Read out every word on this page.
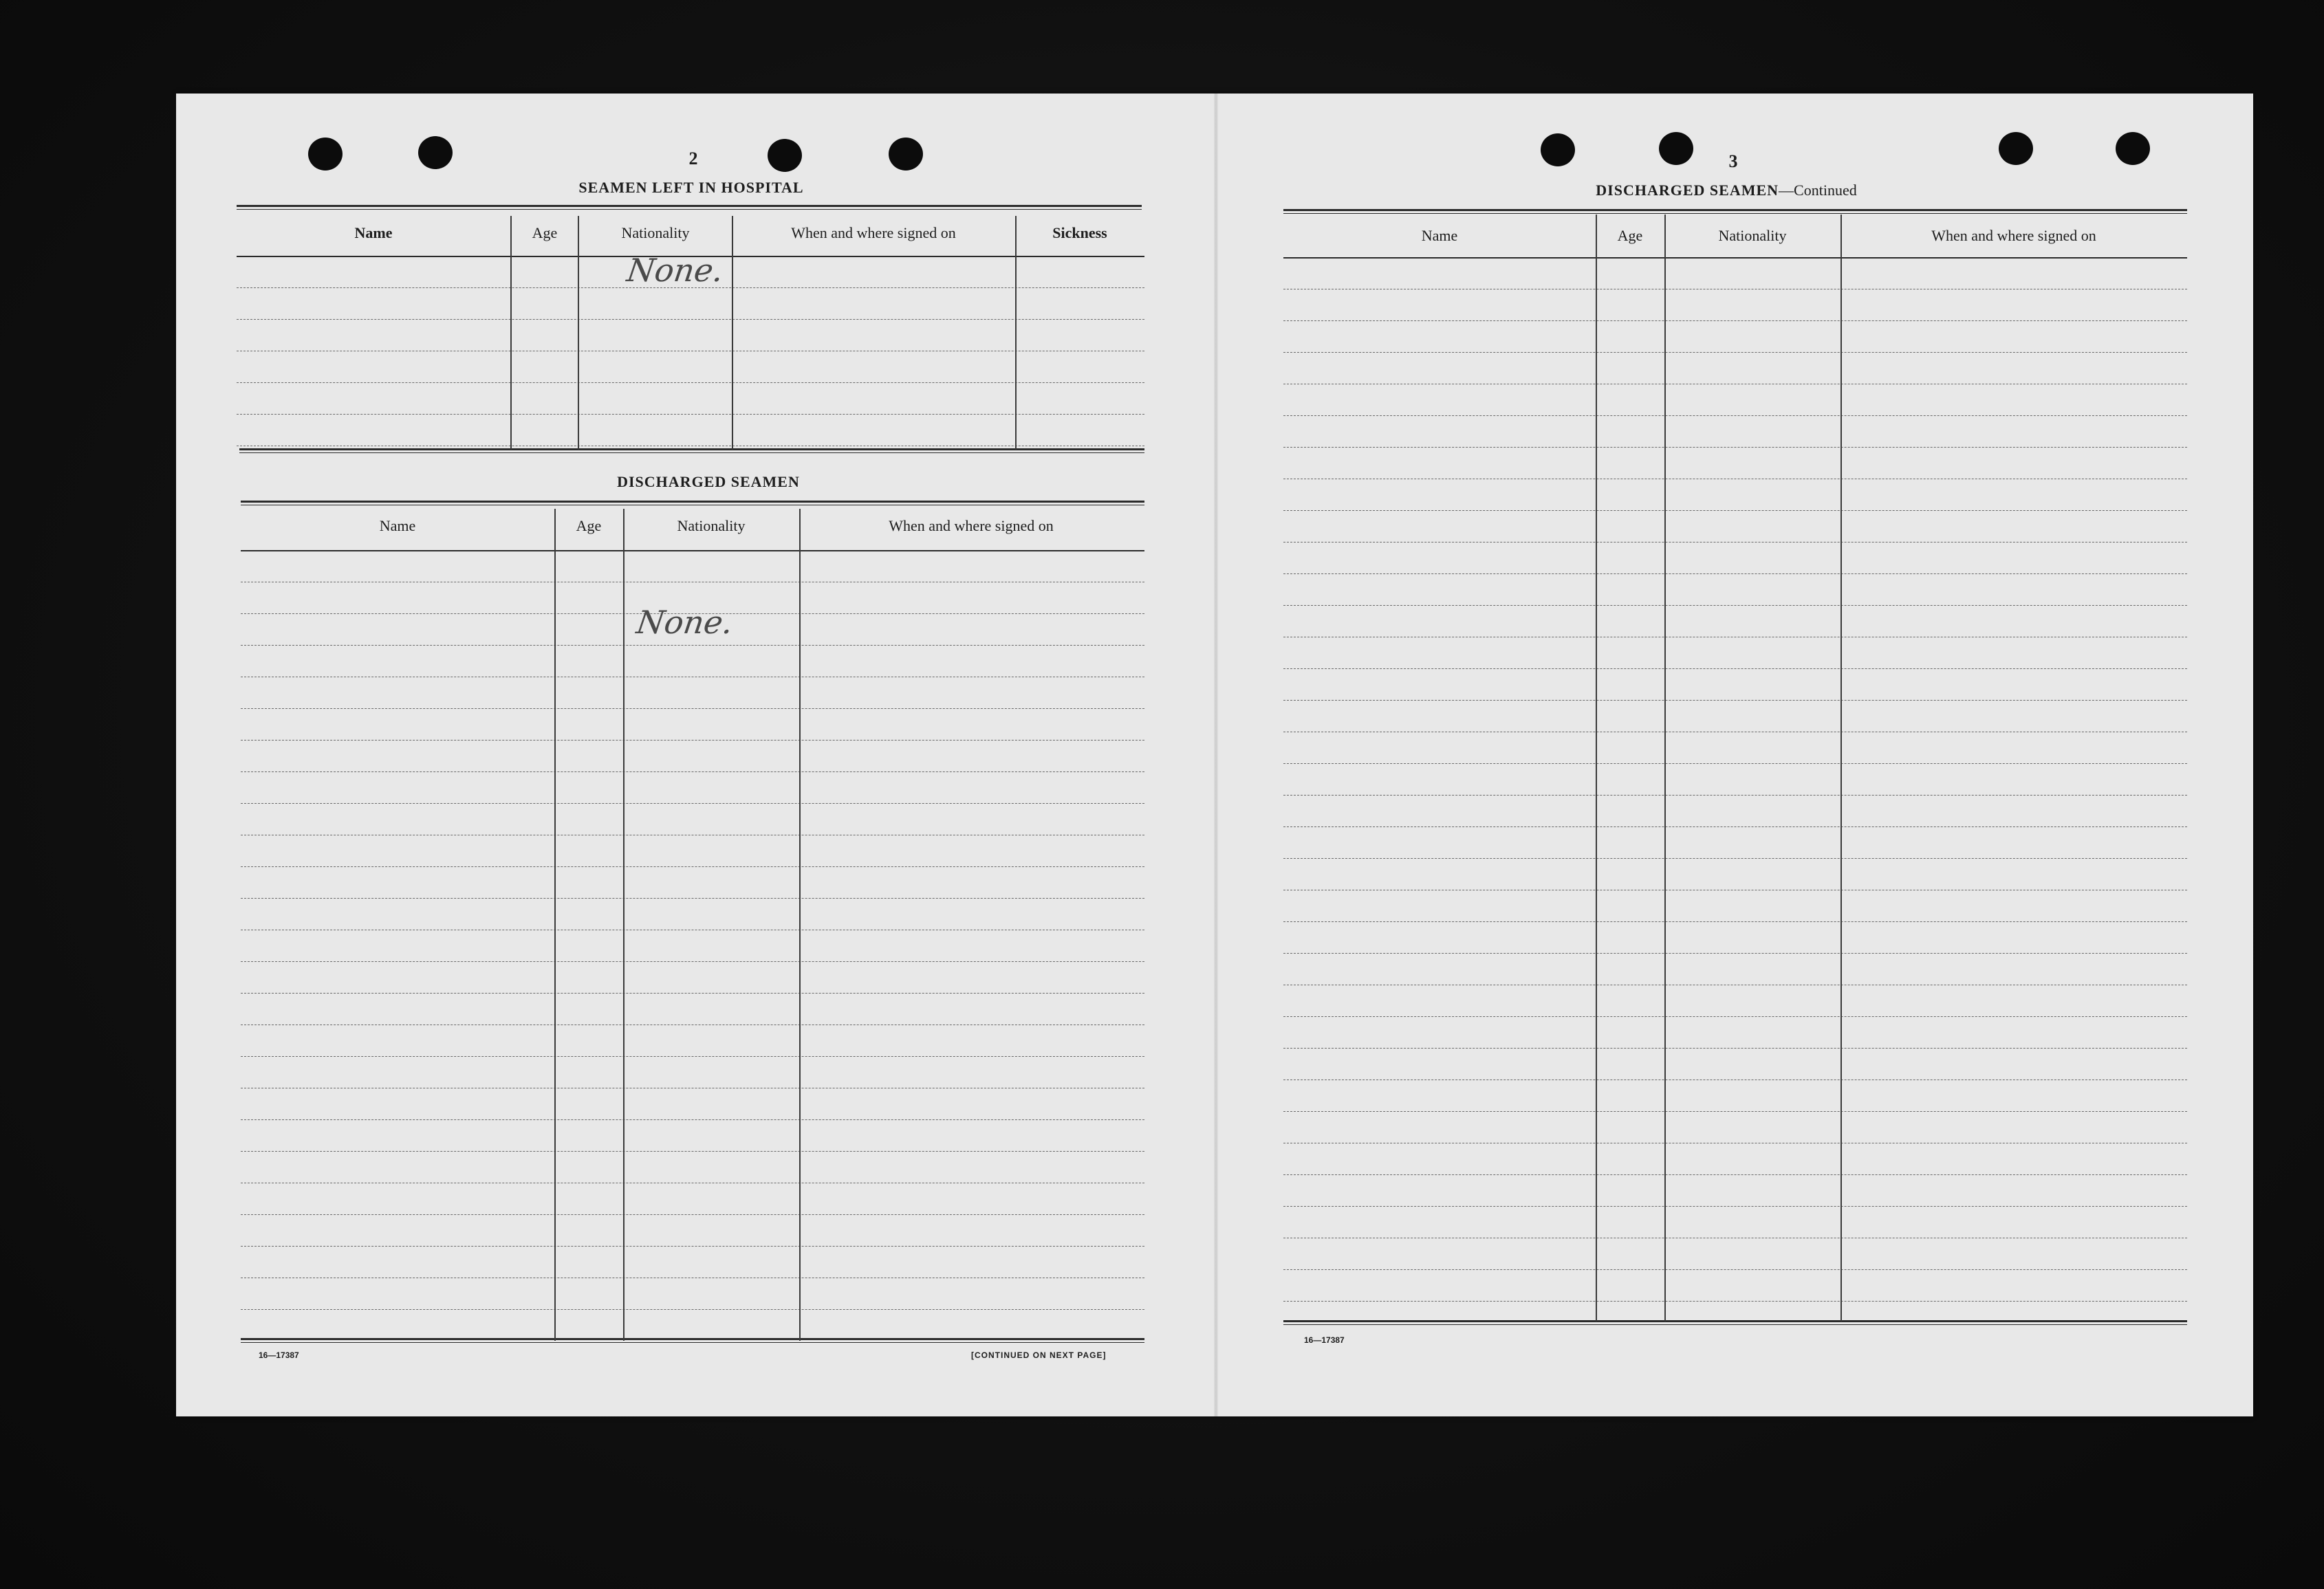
2
SEAMEN LEFT IN HOSPITAL
Name	Age	Nationality	When and where signed on	Sickness
None.
DISCHARGED SEAMEN
Name	Age	Nationality	When and where signed on
None.
16—17387	[CONTINUED ON NEXT PAGE]
3
DISCHARGED SEAMEN—Continued
Name	Age	Nationality	When and where signed on
16—17387
